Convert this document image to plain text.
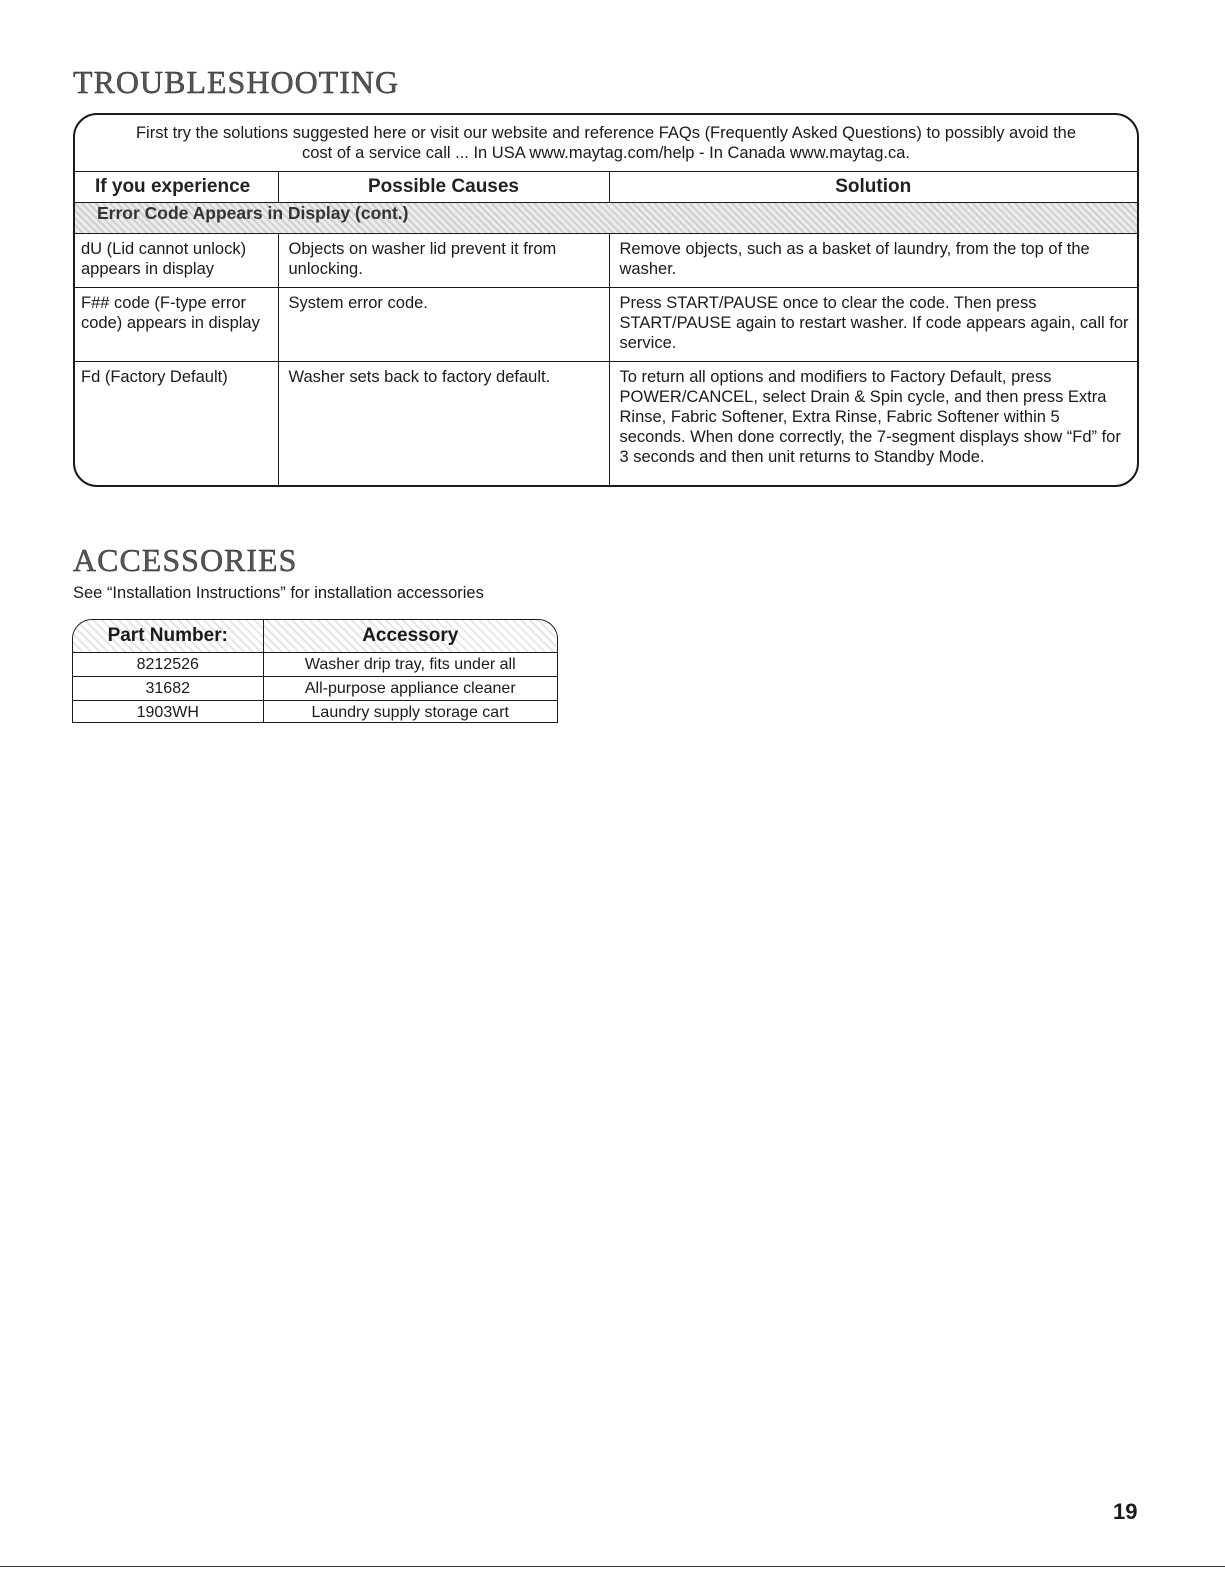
TROUBLESHOOTING
First try the solutions suggested here or visit our website and reference FAQs (Frequently Asked Questions) to possibly avoid the
cost of a service call ... In USA www.maytag.com/help - In Canada www.maytag.ca.
If you experience	Possible Causes	Solution
Error Code Appears in Display (cont.)		
dU (Lid cannot unlock) appears in display	Objects on washer lid prevent it from unlocking.	Remove objects, such as a basket of laundry, from the top of the washer.
F## code (F-type error code) appears in display	System error code.	Press START/PAUSE once to clear the code. Then press START/PAUSE again to restart washer. If code appears again, call for service.
Fd (Factory Default)	Washer sets back to factory default.	To return all options and modifiers to Factory Default, press POWER/CANCEL, select Drain & Spin cycle, and then press Extra Rinse, Fabric Softener, Extra Rinse, Fabric Softener within 5 seconds. When done correctly, the 7-segment displays show “Fd” for 3 seconds and then unit returns to Standby Mode.
ACCESSORIES

See “Installation Instructions” for installation accessories

Part Number:	Accessory
8212526	Washer drip tray, fits under all
31682	All-purpose appliance cleaner
1903WH	Laundry supply storage cart
19
